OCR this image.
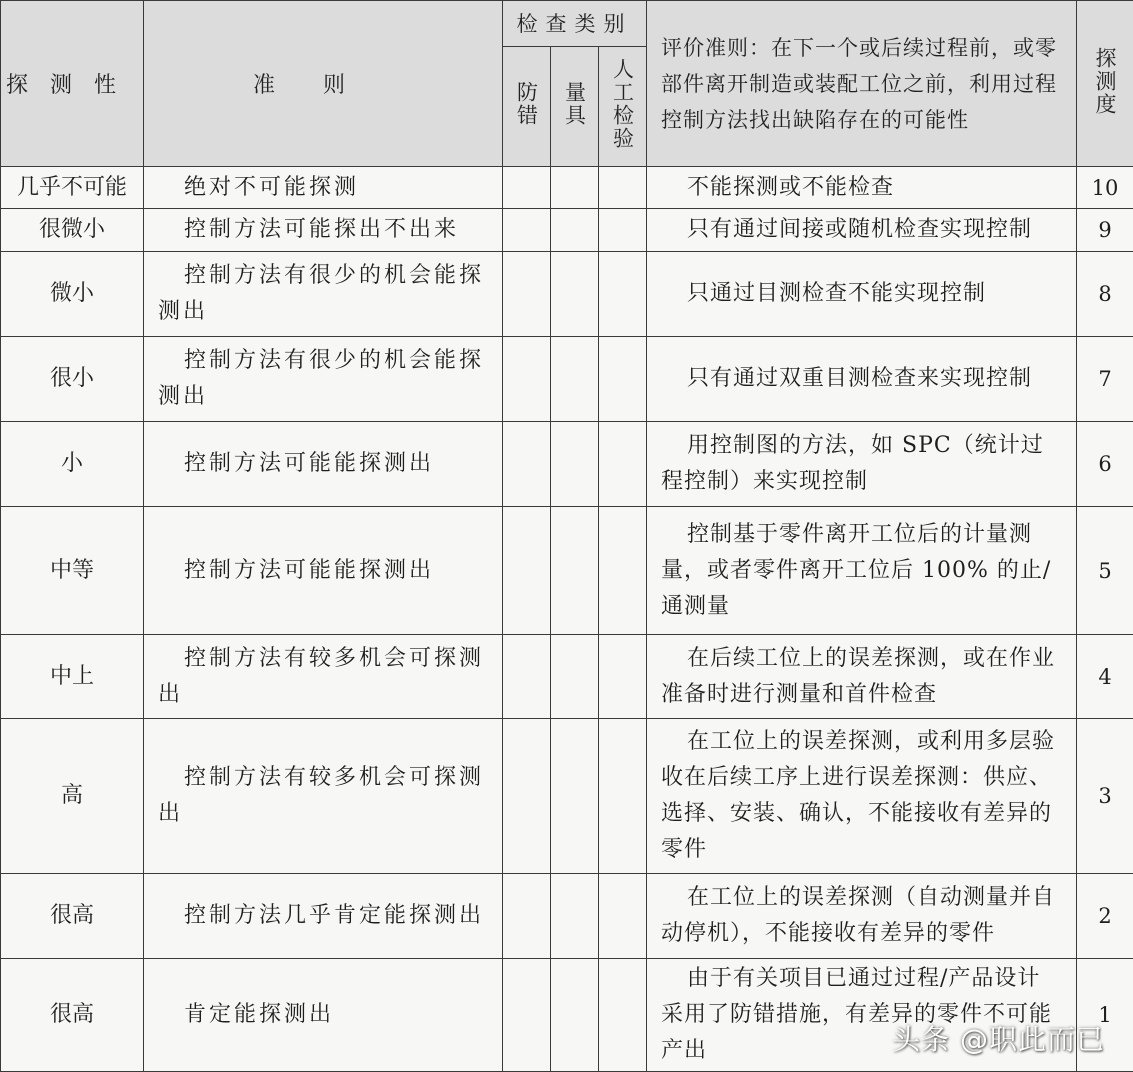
探测性	准则	检查类别			评价准则：在下一个或后续过程前，或零部件离开制造或装配工位之前，利用过程控制方法找出缺陷存在的可能性	探测度
		防错	量具	人工检验		
几乎不可能	绝对不可能探测				不能探测或不能检查	10
很微小	控制方法可能探出不出来				只有通过间接或随机检查实现控制	9
微小	控制方法有很少的机会能探测出				只通过目测检查不能实现控制	8
很小	控制方法有很少的机会能探测出				只有通过双重目测检查来实现控制	7
小	控制方法可能能探测出				用控制图的方法，如 SPC（统计过程控制）来实现控制	6
中等	控制方法可能能探测出				控制基于零件离开工位后的计量测量，或者零件离开工位后 100% 的止/通测量	5
中上	控制方法有较多机会可探测出				在后续工位上的误差探测，或在作业准备时进行测量和首件检查	4
高	控制方法有较多机会可探测出				在工位上的误差探测，或利用多层验收在后续工序上进行误差探测：供应、选择、安装、确认，不能接收有差异的零件	3
很高	控制方法几乎肯定能探测出				在工位上的误差探测（自动测量并自动停机），不能接收有差异的零件	2
很高	肯定能探测出				由于有关项目已通过过程/产品设计采用了防错措施，有差异的零件不可能产出	1
头条 @职此而已
